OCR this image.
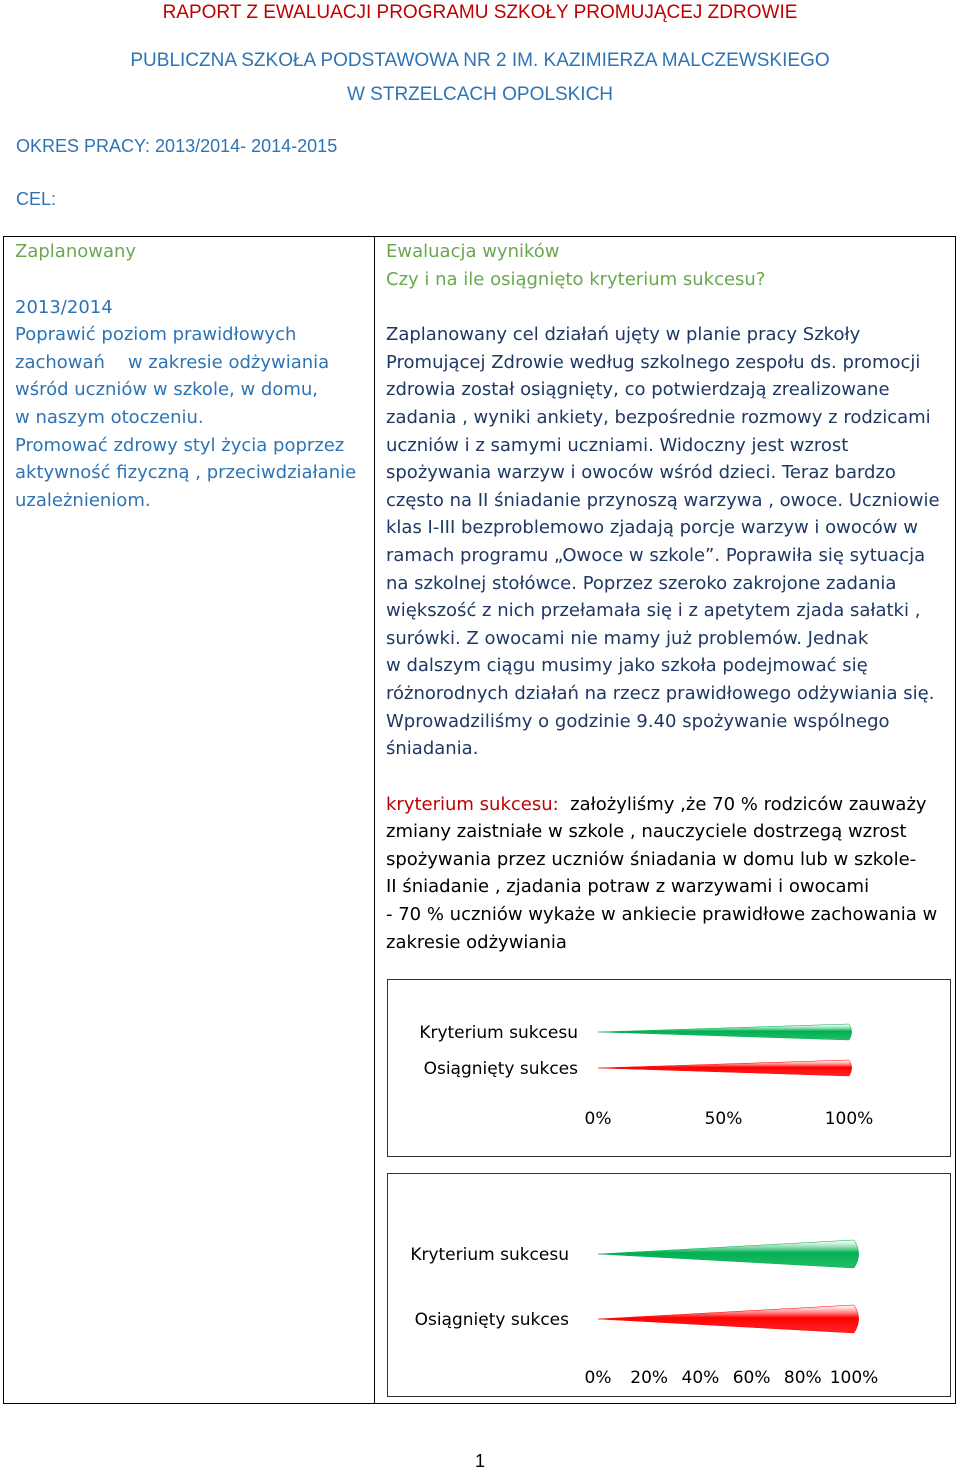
RAPORT Z EWALUACJI PROGRAMU SZKOŁY PROMUJĄCEJ ZDROWIE
PUBLICZNA SZKOŁA PODSTAWOWA NR 2 IM. KAZIMIERZA MALCZEWSKIEGO
W STRZELCACH OPOLSKICH
OKRES PRACY: 2013/2014- 2014-2015
CEL:
Zaplanowany
2013/2014
Poprawić poziom prawidłowych
zachowań    w zakresie odżywiania
wśród uczniów w szkole, w domu,
w naszym otoczeniu.
Promować zdrowy styl życia poprzez
aktywność fizyczną , przeciwdziałanie
uzależnieniom.
Ewaluacja wyników
Czy i na ile osiągnięto kryterium sukcesu?
Zaplanowany cel działań ujęty w planie pracy Szkoły
Promującej Zdrowie według szkolnego zespołu ds. promocji
zdrowia został osiągnięty, co potwierdzają zrealizowane
zadania , wyniki ankiety, bezpośrednie rozmowy z rodzicami
uczniów i z samymi uczniami. Widoczny jest wzrost
spożywania warzyw i owoców wśród dzieci. Teraz bardzo
często na II śniadanie przynoszą warzywa , owoce. Uczniowie
klas I-III bezproblemowo zjadają porcje warzyw i owoców w
ramach programu „Owoce w szkole”. Poprawiła się sytuacja
na szkolnej stołówce. Poprzez szeroko zakrojone zadania
większość z nich przełamała się i z apetytem zjada sałatki ,
surówki. Z owocami nie mamy już problemów. Jednak
w dalszym ciągu musimy jako szkoła podejmować się
różnorodnych działań na rzecz prawidłowego odżywiania się.
Wprowadziliśmy o godzinie 9.40 spożywanie wspólnego
śniadania.
kryterium sukcesu:  założyliśmy ,że 70 % rodziców zauważy
zmiany zaistniałe w szkole , nauczyciele dostrzegą wzrost
spożywania przez uczniów śniadania w domu lub w szkole-
II śniadanie , zjadania potraw z warzywami i owocami
- 70 % uczniów wykaże w ankiecie prawidłowe zachowania w
zakresie odżywiania
Kryterium sukcesu
Osiągnięty sukces
0%	50%	100%
Kryterium sukcesu
Osiągnięty sukces
0% 20% 40% 60% 80% 100%
1
